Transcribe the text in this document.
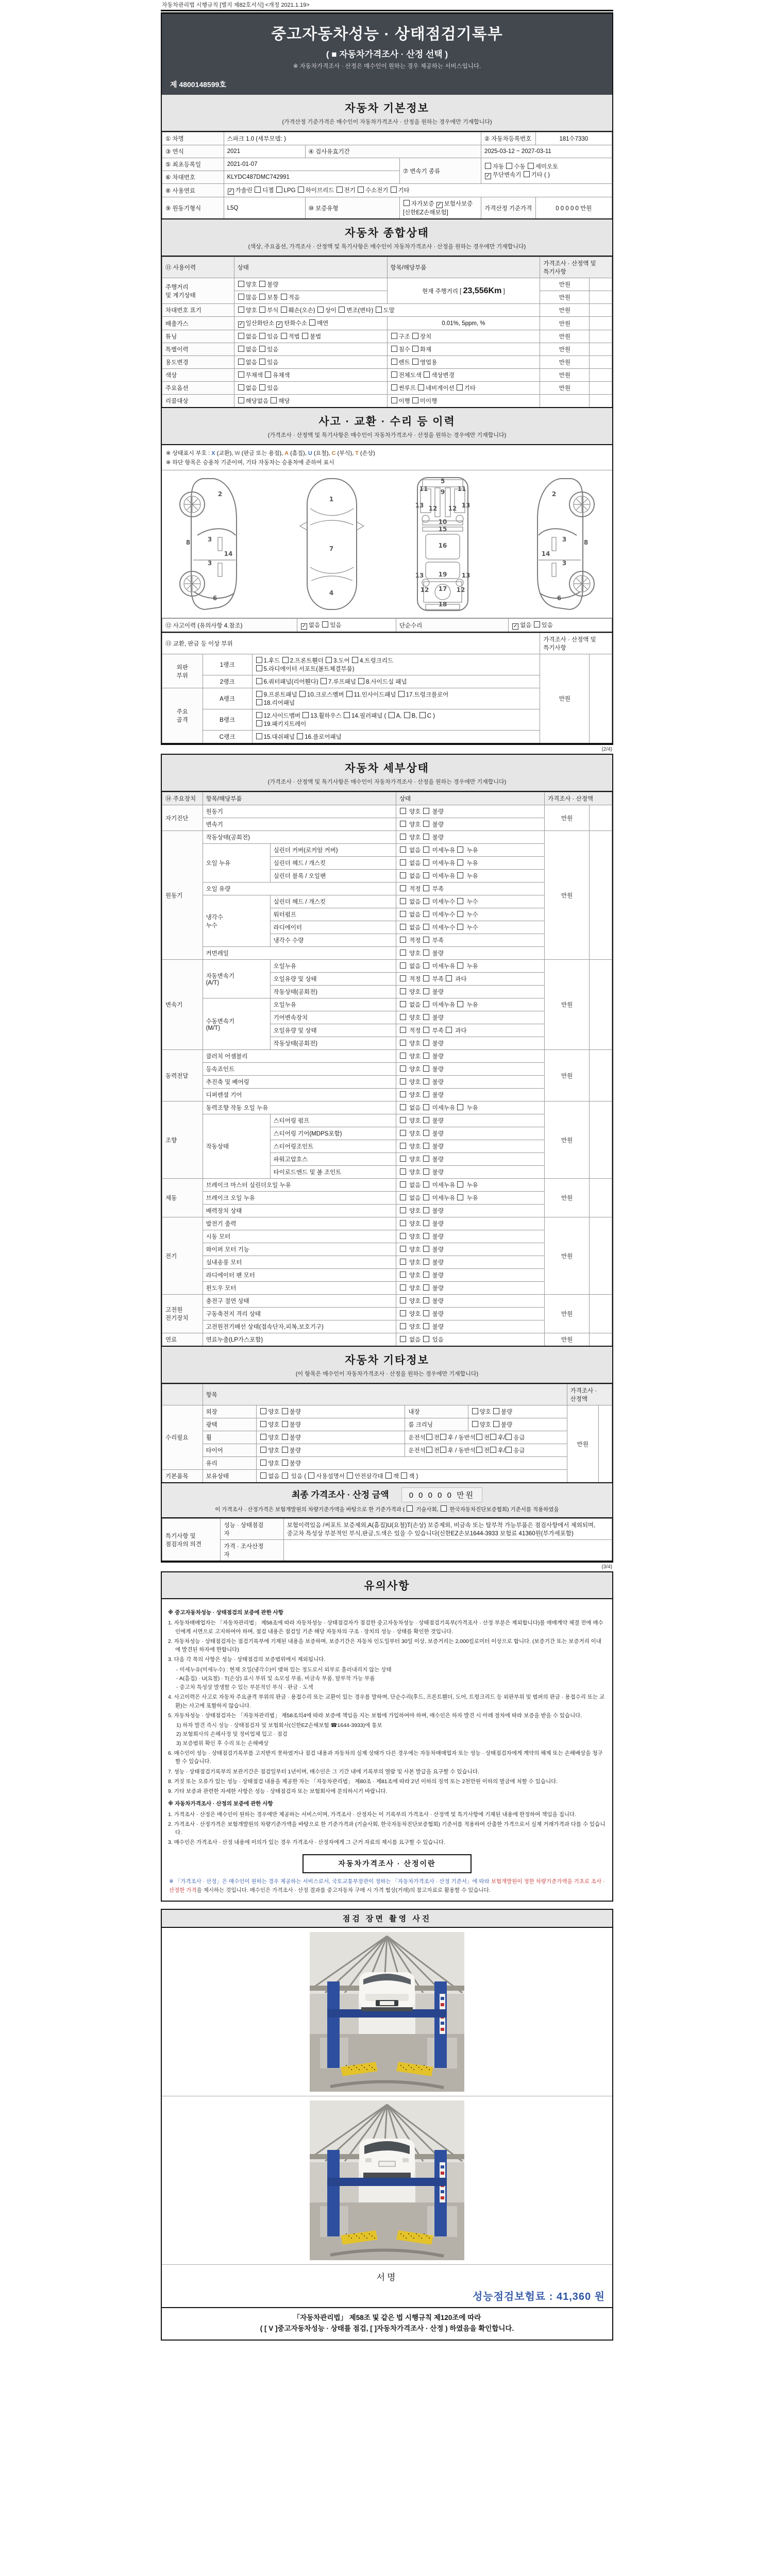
자동차관리법 시행규칙 [별지 제82호서식] <개정 2021.1.19>
중고자동차성능 · 상태점검기록부
( ■ 자동차가격조사 · 산정 선택 )
※ 자동차가격조사 · 산정은 매수인이 원하는 경우 제공하는 서비스입니다.
제 4800148599호
자동차 기본정보
(가격산정 기준가격은 매수인이 자동차가격조사 · 산정을 원하는 경우에만 기재합니다)
① 차명	스파크 1.0 (세부모델: )			② 자동차등록번호	181수7330
③ 연식	2021	④ 검사유효기간		2025-03-12 ~ 2027-03-11	
⑤ 최초등록일	2021-01-07		⑦ 변속기 종류	자동 수동 세미오토
✓ 무단변속기 기타 ( )	
⑥ 차대번호	KLYDC487DMC742991				
⑧ 사용연료	✓ 가솔린 디젤 LPG 하이브리드 전기 수소전기 기타				
⑨ 원동기형식	L5Q	⑩ 보증유형	자가보증 ✓ 보험사보증 [신한EZ손해보험]	가격산정 기준가격	0 0 0 0 0 만원
자동차 종합상태
(색상, 주요옵션, 가격조사 · 산정액 및 특기사항은 매수인이 자동차가격조사 · 산정을 원하는 경우에만 기재합니다)
⑪ 사용이력	상태	항목/해당부품	가격조사 · 산정액 및 특기사항	
주행거리
및 계기상태	양호 불량	현재 주행거리 [ 23,556Km ]	만원	
	많음 보통 적음		만원	
차대번호 표기	양호 부식 훼손(오손) 상이 변조(변타) 도말		만원	
배출가스	✓ 일산화탄소 ✓ 탄화수소 매연	0.01%, 5ppm, %	만원	
튜닝	없음 있음 적법 불법	구조 장치	만원	
특별이력	없음 있음	침수 화재	만원	
용도변경	없음 있음	렌트 영업용	만원	
색상	무채색 유채색	전체도색 색상변경	만원	
주요옵션	없음 있음	썬루프 네비게이션 기타	만원	
리콜대상	해당없음 해당	이행 미이행		
사고 · 교환 · 수리 등 이력
(가격조사 · 산정액 및 특기사항은 매수인이 자동차가격조사 · 산정을 원하는 경우에만 기재합니다)
※ 상태표시 부호 : X (교환), W (판금 또는 용접), A (흠집), U (요철), C (부식), T (손상)
※ 하단 항목은 승용차 기준이며, 기타 자동차는 승용차에 준하여 표시
2
8	3
3
14
6
1
7
4
5
9
11	11
13	13
12 12
10
15
16
13	13
19
17
12	12
18
2
3
3
8
14
6
⑫ 사고이력 (유의사항 4.참조)	✓ 없음 있음	단순수리	✓ 없음 있음
⑬ 교환, 판금 등 이상 부위			가격조사 · 산정액 및 특기사항	
외판
부위	1랭크	1.후드 2.프론트휀더 3.도어 4.트렁크리드
5.라디에이터 서포트(볼트체결부품)	만원	
	2랭크	6.쿼터패널(리어휀다) 7.루프패널 8.사이드실 패널		
주요
골격	A랭크	9.프론트패널 10.크로스멤버 11.인사이드패널 17.트렁크플로어
18.리어패널		
	B랭크	12.사이드멤버 13.휠하우스 14.필러패널 ( A, B, C )
19.패키지트레이		
	C랭크	15.대쉬패널 16.플로어패널		
(2/4)
자동차 세부상태
(가격조사 · 산정액 및 특기사항은 매수인이 자동차가격조사 · 산정을 원하는 경우에만 기재합니다)
⑭ 주요장치	항목/해당부품		상태	가격조사 · 산정액	
자기진단	원동기		양호  불량	만원	
	변속기		양호  불량		
원동기	작동상태(공회전)		양호  불량	만원	
	오일 누유	실린더 커버(로커암 커버)	없음  미세누유  누유		
		실린더 헤드 / 개스킷	없음  미세누유  누유		
		실린더 블록 / 오일팬	없음  미세누유  누유		
	오일 유량		적정  부족		
	냉각수
누수	실린더 헤드 / 개스킷	없음  미세누수  누수		
		워터펌프	없음  미세누수  누수		
		라디에이터	없음  미세누수  누수		
		냉각수 수량	적정  부족		
	커먼레일		양호  불량		
변속기	자동변속기
(A/T)	오일누유	없음  미세누유  누유	만원	
		오일유량 및 상태	적정  부족  과다		
		작동상태(공회전)	양호  불량		
	수동변속기
(M/T)	오일누유	없음  미세누유  누유		
		기어변속장치	양호  불량		
		오일유량 및 상태	적정  부족  과다		
		작동상태(공회전)	양호  불량		
동력전달	클러치 어셈블리		양호  불량	만원	
	등속죠인트		양호  불량		
	추진축 및 베어링		양호  불량		
	디퍼렌셜 기어		양호  불량		
조향	동력조향 작동 오일 누유		없음  미세누유  누유	만원	
	작동상태	스티어링 펌프	양호  불량		
		스티어링 기어(MDPS포함)	양호  불량		
		스티어링조인트	양호  불량		
		파워고압호스	양호  불량		
		타이로드엔드 및 볼 조인트	양호  불량		
제동	브레이크 마스터 실린더오일 누유		없음  미세누유  누유	만원	
	브레이크 오일 누유		없음  미세누유  누유		
	배력장치 상태		양호  불량		
전기	발전기 출력		양호  불량	만원	
	시동 모터		양호  불량		
	와이퍼 모터 기능		양호  불량		
	실내송풍 모터		양호  불량		
	라디에이터 팬 모터		양호  불량		
	윈도우 모터		양호  불량		
고전원
전기장치	충전구 절연 상태		양호  불량	만원	
	구동축전지 격리 상태		양호  불량		
	고전원전기배선 상태(접속단자,피복,보호기구)		양호  불량		
연료	연료누출(LP가스포함)		없음  있음	만원	
자동차 기타정보
(이 항목은 매수인이 자동차가격조사 · 산정을 원하는 경우에만 기재합니다)
	항목				가격조사 · 산정액	
수리필요	외장	양호 불량	내장	양호 불량	만원	
	광택	양호 불량	룸 크리닝	양호 불량		
	휠	양호 불량	운전석 전 후 / 동반석 전 후/ 응급			
	타이어	양호 불량	운전석 전 후 / 동반석 전 후/ 응급			
	유리	양호 불량				
기본품목	보유상태	없음  있음 ( 사용설명서 안전삼각대 잭 잭 )				
최종 가격조사 · 산정 금액	0 0 0 0 0 만원
이 가격조사 · 산정가격은 보험개발원의 차량기준가액을 바탕으로 한 기준가격과 (  기술사회,  한국자동차진단보증협회) 기준서를 적용하였음
특기사항 및
점검자의 의견	성능 · 상태점검
자	보험이력있음 /써포트 보증제외,A(흠집)U(요철)T(손상) 보증제외, 비금속 또는 탈부착 가능부품은 점검사항에서 제외되며, 중고차 특성상 부분적인 부식,판금,도색은 있을 수 있습니다(신한EZ손보1644-3933 보험료 41360원(부가세포함)
	가격 · 조사산정
자	

(3/4)
유의사항
※ 중고자동차성능 · 상태점검의 보증에 관한 사항
1. 자동차매매업자는 「자동차관리법」 제58조에 따라 자동차성능 · 상태점검자가 점검한 중고자동차성능 · 상태점검기록부(가격조사 · 산정 부분은 제외합니다)를 매매계약 체결 전에 매수인에게 서면으로 고지하여야 하며, 점검 내용은 점검일 기준 해당 자동차의 구조 · 장치의 성능 · 상태를 확인한 것입니다.
2. 자동차성능 · 상태점검자는 점검기록부에 기재된 내용을 보증하며, 보증기간은 자동차 인도일부터 30일 이상, 보증거리는 2,000킬로미터 이상으로 합니다. (보증기간 또는 보증거리 이내에 발견된 하자에 한합니다)
3. 다음 각 목의 사항은 성능 · 상태점검의 보증범위에서 제외됩니다.
- 미세누유(미세누수) : 현재 오일(냉각수)이 맺혀 있는 정도로서 외부로 흘러내리지 않는 상태
- A(흠집) · U(요철) · T(손상) 표시 부위 및 소모성 부품, 비금속 부품, 탈부착 가능 부품
- 중고차 특성상 발생할 수 있는 부분적인 부식 · 판금 · 도색
4. 사고이력은 사고로 자동차 주요골격 부위의 판금 · 용접수리 또는 교환이 있는 경우를 말하며, 단순수리(후드, 프론트휀더, 도어, 트렁크리드 등 외판부위 및 범퍼의 판금 · 용접수리 또는 교환)는 사고에 포함하지 않습니다.
5. 자동차성능 · 상태점검자는 「자동차관리법」 제58조의4에 따라 보증에 책임을 지는 보험에 가입하여야 하며, 매수인은 하자 발견 시 아래 절차에 따라 보증을 받을 수 있습니다.
1) 하자 발견 즉시 성능 · 상태점검자 및 보험회사(신한EZ손해보험 ☎1644-3933)에 통보
2) 보험회사의 손해사정 및 정비업체 입고 · 점검
3) 보증범위 확인 후 수리 또는 손해배상
6. 매수인이 성능 · 상태점검기록부를 고지받지 못하였거나 점검 내용과 자동차의 실제 상태가 다른 경우에는 자동차매매업자 또는 성능 · 상태점검자에게 계약의 해제 또는 손해배상을 청구할 수 있습니다.
7. 성능 · 상태점검기록부의 보관기간은 점검일부터 1년이며, 매수인은 그 기간 내에 기록부의 열람 및 사본 발급을 요구할 수 있습니다.
8. 거짓 또는 오류가 있는 성능 · 상태점검 내용을 제공한 자는 「자동차관리법」 제80조 · 제81조에 따라 2년 이하의 징역 또는 2천만원 이하의 벌금에 처할 수 있습니다.
9. 기타 보증과 관련한 자세한 사항은 성능 · 상태점검자 또는 보험회사에 문의하시기 바랍니다.
※ 자동차가격조사 · 산정의 보증에 관한 사항
1. 가격조사 · 산정은 매수인이 원하는 경우에만 제공하는 서비스이며, 가격조사 · 산정자는 이 기록부의 가격조사 · 산정액 및 특기사항에 기재된 내용에 한정하여 책임을 집니다.
2. 가격조사 · 산정가격은 보험개발원의 차량기준가액을 바탕으로 한 기준가격과 (기술사회, 한국자동차진단보증협회) 기준서를 적용하여 산출한 가격으로서 실제 거래가격과 다를 수 있습니다.
3. 매수인은 가격조사 · 산정 내용에 이의가 있는 경우 가격조사 · 산정자에게 그 근거 자료의 제시를 요구할 수 있습니다.
자동차가격조사 · 산정이란
※ 「가격조사 · 산정」은 매수인이 원하는 경우 제공하는 서비스로서, 국토교통부장관이 정하는 「자동차가격조사 · 산정 기준서」에 따라 보험개발원이 정한 차량기준가액을 기초로 조사 · 산정한 가격을 제시하는 것입니다. 매수인은 가격조사 · 산정 결과를 중고자동차 구매 시 가격 협상(거래)의 참고자료로 활용할 수 있습니다.
점검 장면 촬영 사진
서명
성능점검보험료 : 41,360 원
「자동차관리법」 제58조 및 같은 법 시행규칙 제120조에 따라
( [ V ]중고자동차성능 · 상태를 점검, [ ]자동차가격조사 · 산정 ) 하였음을 확인합니다.
